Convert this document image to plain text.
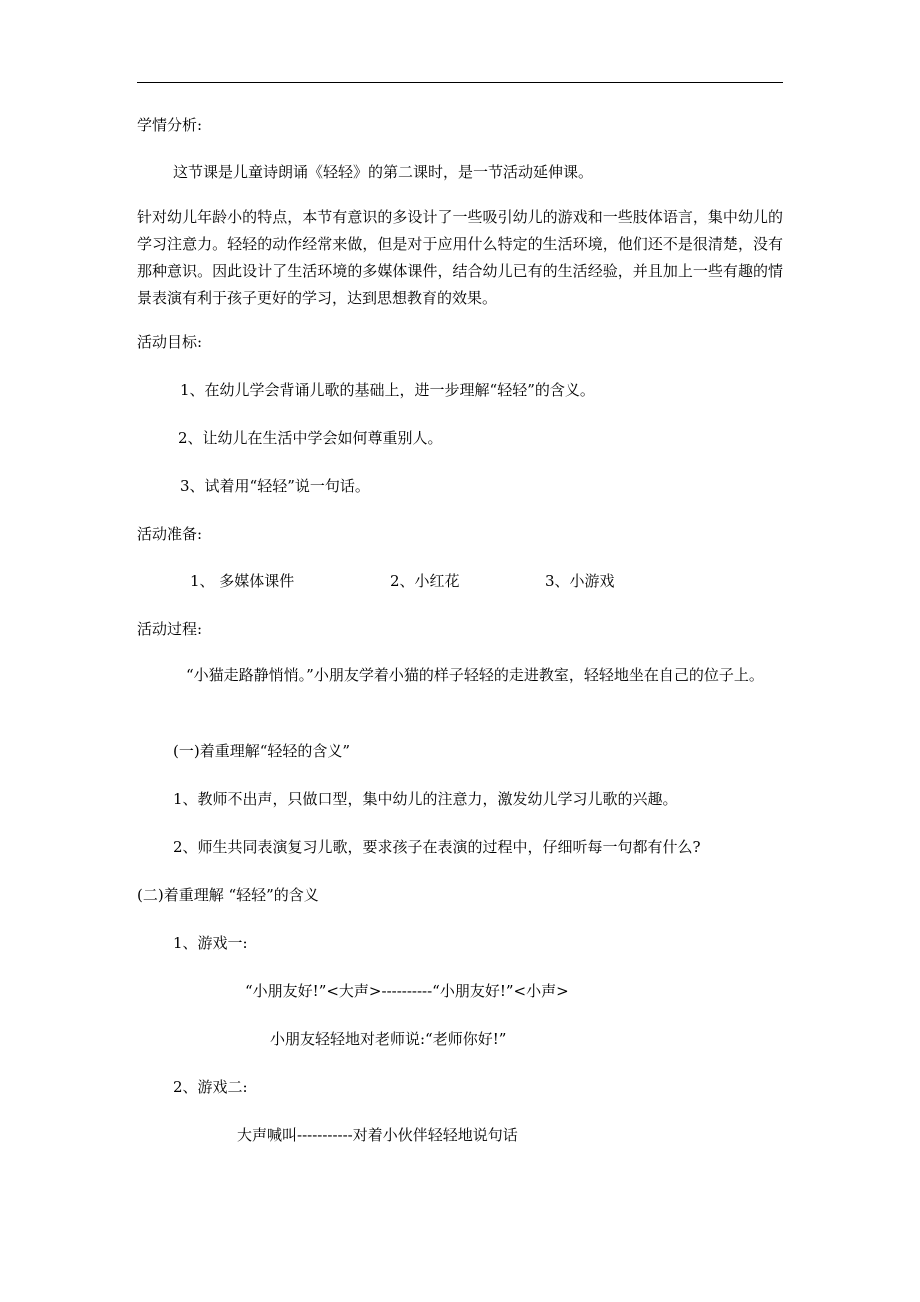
学情分析:
这节课是儿童诗朗诵《轻轻》的第二课时，是一节活动延伸课。
针对幼儿年龄小的特点，本节有意识的多设计了一些吸引幼儿的游戏和一些肢体语言，集中幼儿的学习注意力。轻轻的动作经常来做，但是对于应用什么特定的生活环境，他们还不是很清楚，没有那种意识。因此设计了生活环境的多媒体课件，结合幼儿已有的生活经验，并且加上一些有趣的情景表演有利于孩子更好的学习，达到思想教育的效果。
活动目标:
1、在幼儿学会背诵儿歌的基础上，进一步理解“轻轻”的含义。
2、让幼儿在生活中学会如何尊重别人。
3、试着用“轻轻”说一句话。
活动准备:
1、 多媒体课件	2、小红花	3、小游戏
活动过程:
“小猫走路静悄悄。”小朋友学着小猫的样子轻轻的走进教室，轻轻地坐在自己的位子上。
(一)着重理解“轻轻的含义”
1、教师不出声，只做口型，集中幼儿的注意力，激发幼儿学习儿歌的兴趣。
2、师生共同表演复习儿歌，要求孩子在表演的过程中，仔细听每一句都有什么?
(二)着重理解 “轻轻”的含义
1、游戏一:
“小朋友好!”<大声>----------“小朋友好!”<小声>
小朋友轻轻地对老师说:“老师你好!”
2、游戏二:
大声喊叫-----------对着小伙伴轻轻地说句话
